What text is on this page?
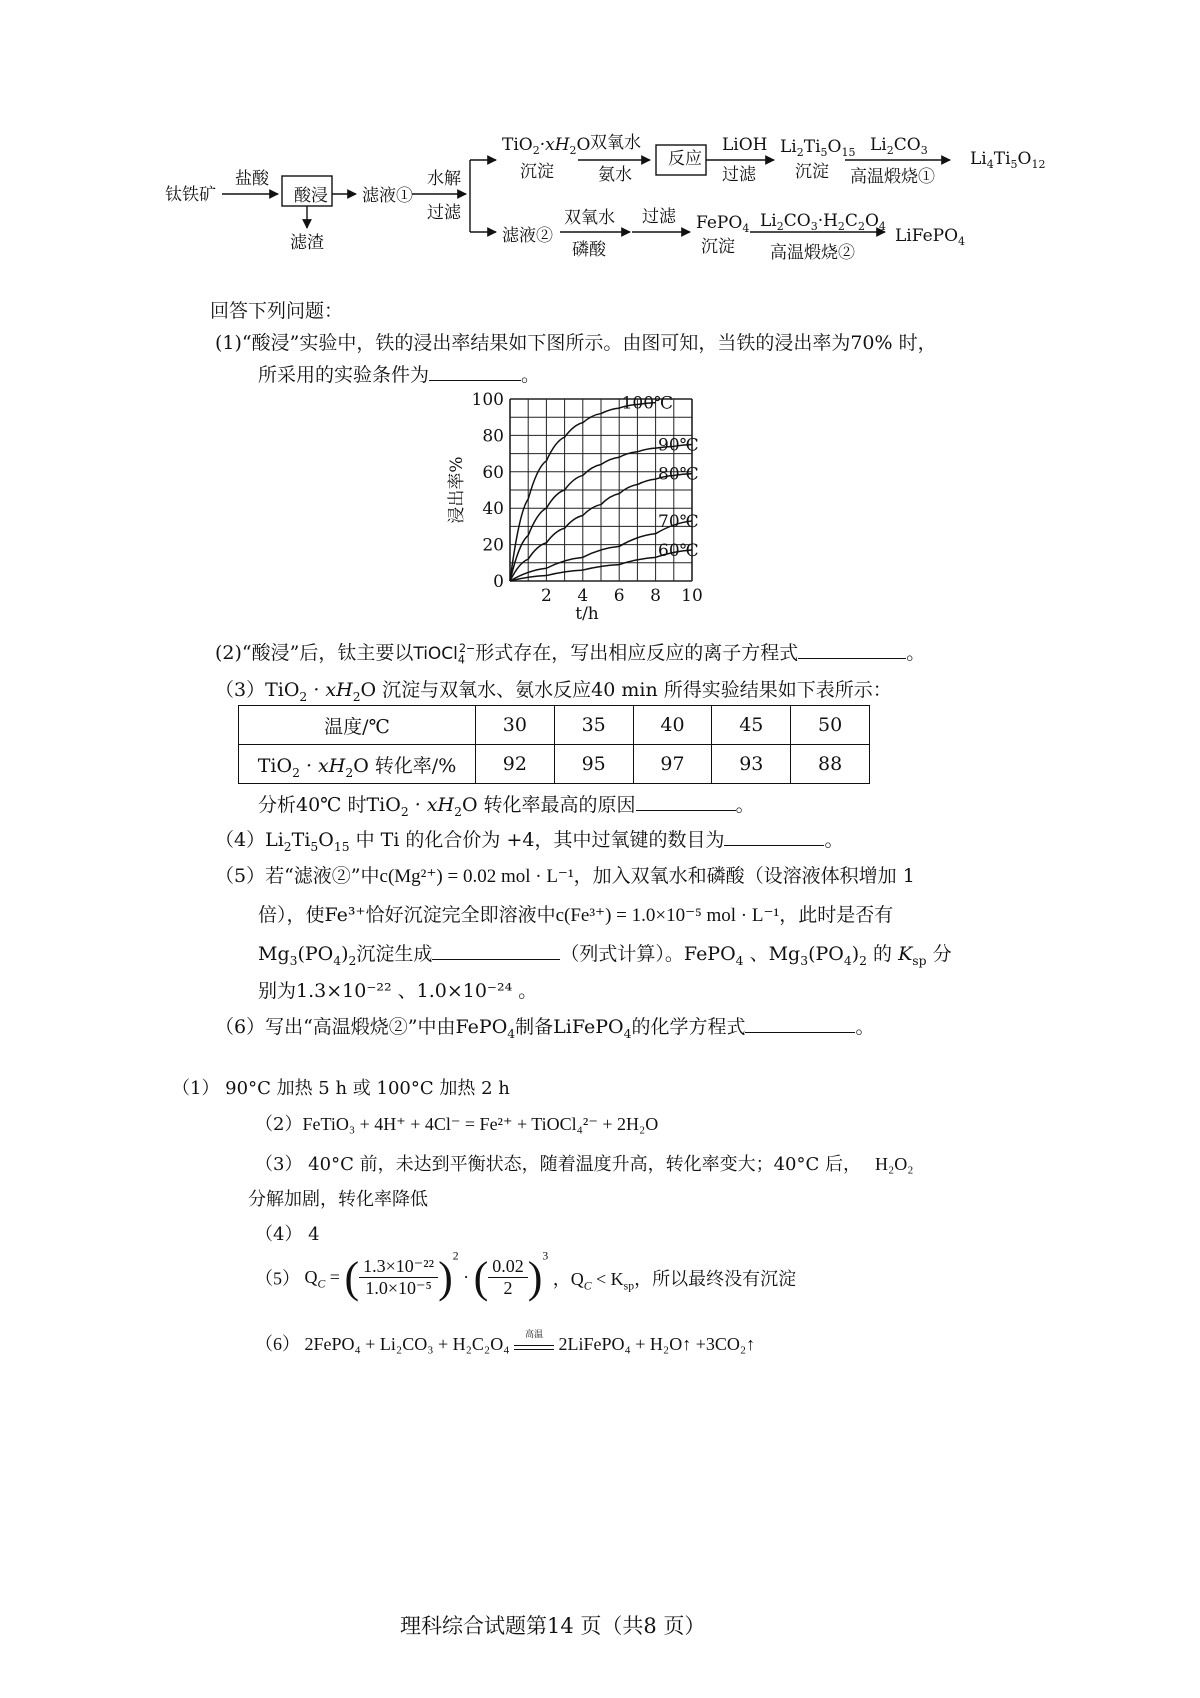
钛铁矿
盐酸
酸浸
滤渣
滤液①
水解
过滤
$TiO_2\cdot xH_2O$
沉淀
双氧水
氨水
反应
LiOH
过滤
$Li_2Ti_5O_{15}$
沉淀
$Li_2CO_3$
高温煅烧①
$Li_4Ti_5O_{12}$
滤液②
双氧水
磷酸
过滤 FePO$_4$
沉淀
$Li_2CO_3\cdot H_2C_2O_4$
高温煅烧②
LiFePO$_4$
回答下列问题：
(1)“酸浸”实验中，铁的浸出率结果如下图所示。由图可知，当铁的浸出率为70% 时，
所采用的实验条件为	。
0
20
40
60
80
100
2 4 6 8 10
t/h
浸出率%
100℃
90℃
80℃
70℃
60℃
(2)“酸浸”后，钛主要以TiOCl$_4^{2-}$形式存在，写出相应反应的离子方程式	。
$(3)TiO_2 \cdot xH_2O$ 沉淀与双氧水、氨水反应40 min 所得实验结果如下表所示：
温度/℃	30	35	40	45	50
$TiO_2 \cdot xH_2O$ 转化率/%	92	95	97	93	88
分析40℃ 时$TiO_2 \cdot xH_2O$ 转化率最高的原因	。
$(4)Li_2Ti_5O_{15}$ 中 Ti 的化合价为 +4，其中过氧键的数目为	。
（5）若“滤液②”中c(Mg²⁺) = 0.02 mol · L⁻¹，加入双氧水和磷酸（设溶液体积增加 1
倍），使Fe³⁺恰好沉淀完全即溶液中c(Fe³⁺) = 1.0×10⁻⁵ mol · L⁻¹，此时是否有
$Mg_3(PO_4)_2$沉淀生成	（列式计算）。FePO$_4$ 、$Mg_3(PO_4)_2$ 的 $K_{sp}$ 分
别为1.3×10⁻²² 、1.0×10⁻²⁴ 。
（6）写出“高温煅烧②”中由FePO$_4$制备LiFePO$_4$的化学方程式	。
（1） 90°C 加热 5 h 或 100°C 加热 2 h
（2）FeTiO₃ + 4H⁺ + 4Cl⁻ = Fe²⁺ + TiOCl₄²⁻ + 2H₂O
（3） 40°C 前，未达到平衡状态，随着温度升高，转化率变大；40°C 后， H₂O₂
分解加剧，转化率降低
（4） 4
（5） $Q_C$ = ( $\frac{\text{1.3×10⁻²²}}{\text{1.0×10⁻⁵}} )^2$ · ( $\frac{0.02}{2} )^3$ ，$Q_C < K_{sp}$，所以最终没有沉淀
（6） 2FePO₄ + Li₂CO₃ + H₂C₂O₄	高温 2LiFePO₄ + H₂O↑ +3CO₂↑
理科综合试题第14 页（共8 页）
